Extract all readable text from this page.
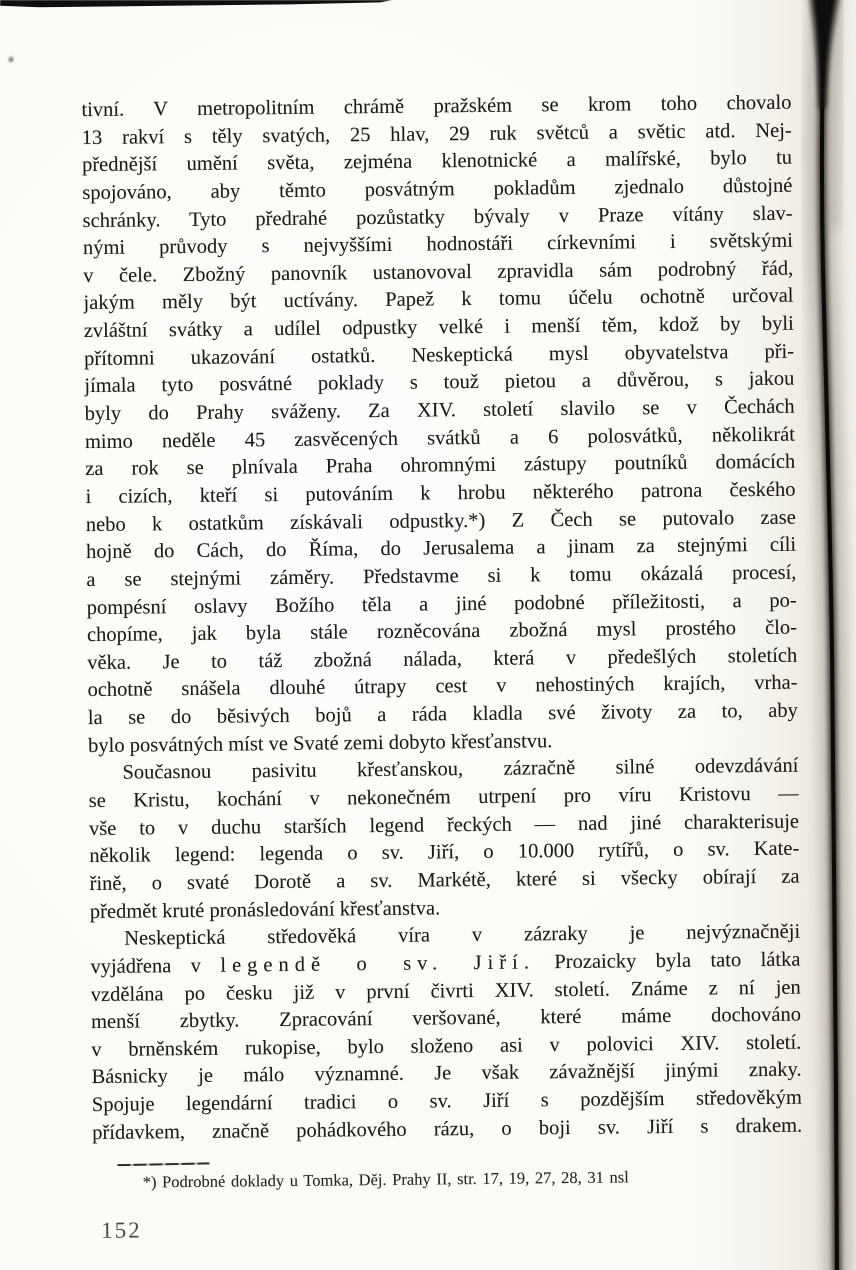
tivní. V metropolitním chrámě pražském se krom toho chovalo
13 rakví s těly svatých, 25 hlav, 29 ruk světců a světic atd. Nej-
přednější umění světa, zejména klenotnické a malířské, bylo tu
spojováno, aby těmto posvátným pokladům zjednalo důstojné
schránky. Tyto předrahé pozůstatky bývaly v Praze vítány slav-
nými průvody s nejvyššími hodnostáři církevními i světskými
v čele. Zbožný panovník ustanovoval zpravidla sám podrobný řád,
jakým měly být uctívány. Papež k tomu účelu ochotně určoval
zvláštní svátky a udílel odpustky velké i menší těm, kdož by byli
přítomni ukazování ostatků. Neskeptická mysl obyvatelstva při-
jímala tyto posvátné poklady s touž pietou a důvěrou, s jakou
byly do Prahy sváženy. Za XIV. století slavilo se v Čechách
mimo neděle 45 zasvěcených svátků a 6 polosvátků, několikrát
za rok se plnívala Praha ohromnými zástupy poutníků domácích
i cizích, kteří si putováním k hrobu některého patrona českého
nebo k ostatkům získávali odpustky.*) Z Čech se putovalo zase
hojně do Cách, do Říma, do Jerusalema a jinam za stejnými cíli
a se stejnými záměry. Představme si k tomu okázalá procesí,
pompésní oslavy Božího těla a jiné podobné příležitosti, a po-
chopíme, jak byla stále rozněcována zbožná mysl prostého člo-
věka. Je to táž zbožná nálada, která v předešlých stoletích
ochotně snášela dlouhé útrapy cest v nehostiných krajích, vrha-
la se do běsivých bojů a ráda kladla své životy za to, aby
bylo posvátných míst ve Svaté zemi dobyto křesťanstvu.
Současnou pasivitu křesťanskou, zázračně silné odevzdávání
se Kristu, kochání v nekonečném utrpení pro víru Kristovu —
vše to v duchu starších legend řeckých — nad jiné charakterisuje
několik legend: legenda o sv. Jiří, o 10.000 rytířů, o sv. Kate-
řině, o svaté Dorotě a sv. Markétě, které si všecky obírají za
předmět kruté pronásledování křesťanstva.
Neskeptická středověká víra v zázraky je nejvýznačněji
vyjádřena v legendě o sv. Jiří. Prozaicky byla tato látka
vzdělána po česku již v první čivrti XIV. století. Známe z ní jen
menší zbytky. Zpracování veršované, které máme dochováno
v brněnském rukopise, bylo složeno asi v polovici XIV. století.
Básnicky je málo významné. Je však závažnější jinými znaky.
Spojuje legendární tradici o sv. Jiří s pozdějším středověkým
přídavkem, značně pohádkového rázu, o boji sv. Jiří s drakem.
*) Podrobné doklady u Tomka, Děj. Prahy II, str. 17, 19, 27, 28, 31 nsl
152
